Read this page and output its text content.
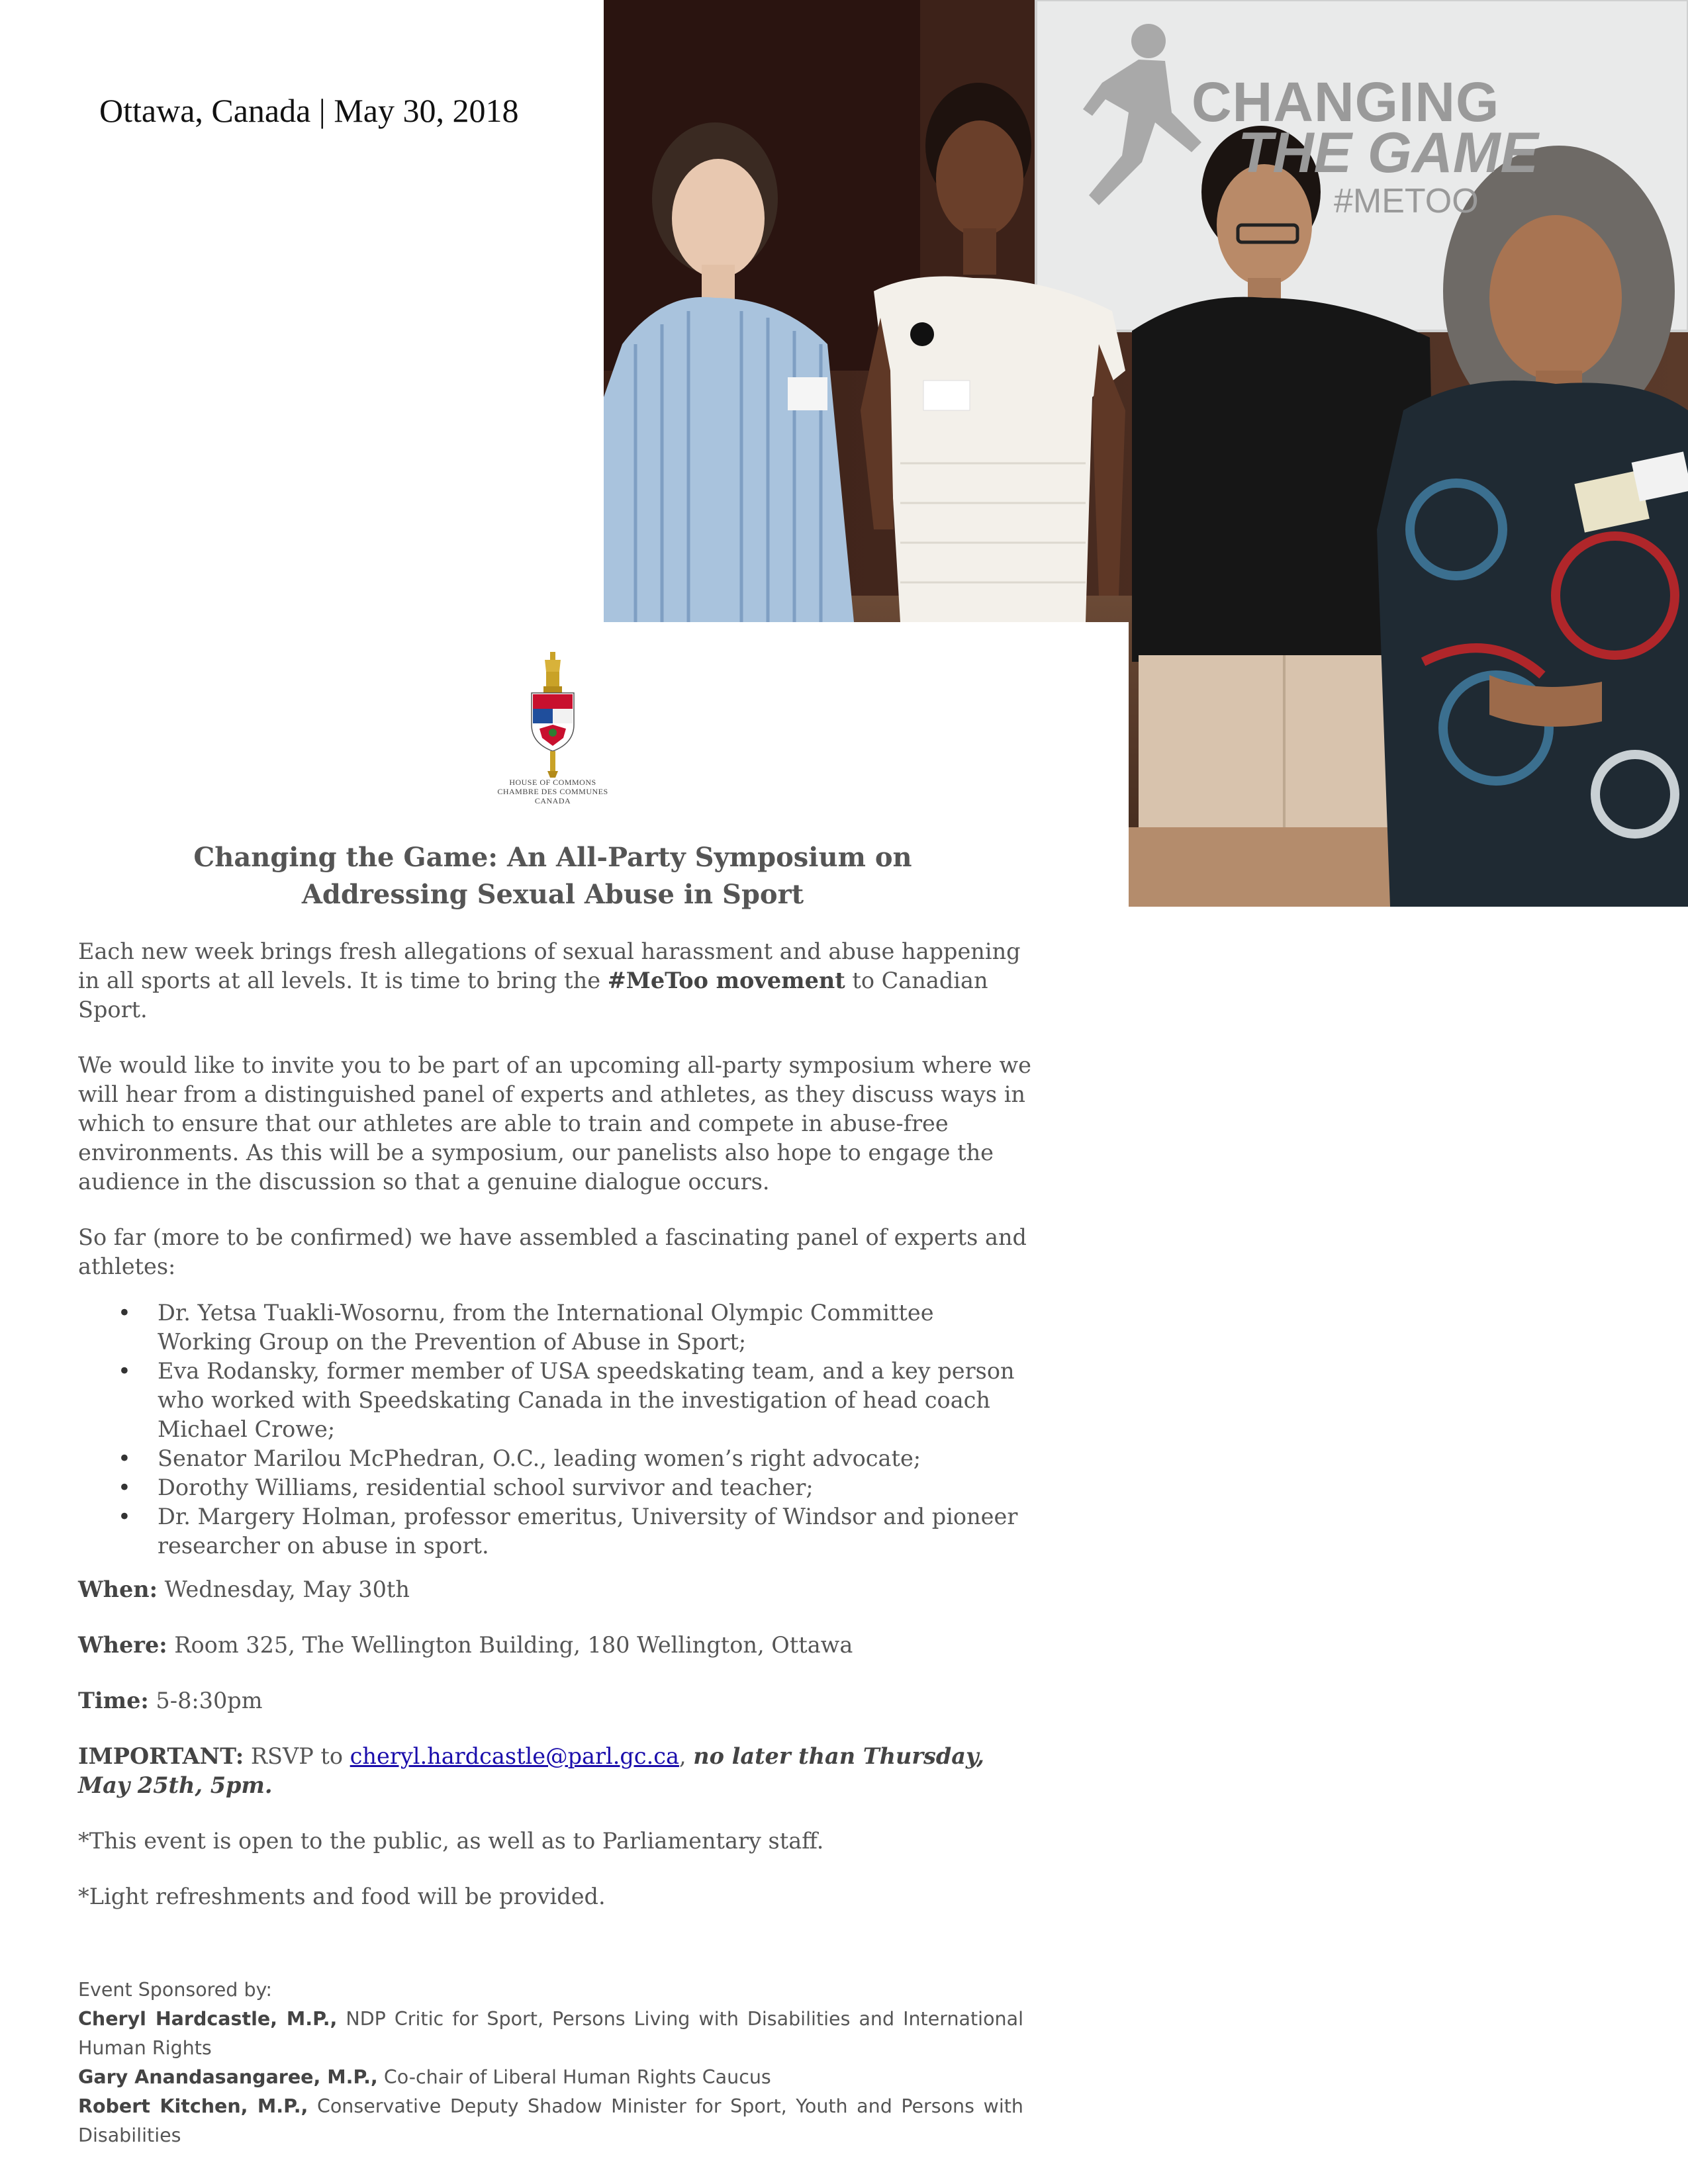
CHANGING
THE GAME
#METOO
Ottawa, Canada | May 30, 2018
HOUSE OF COMMONS
CHAMBRE DES COMMUNES
CANADA
Changing the Game: An All-Party Symposium on
Addressing Sexual Abuse in Sport

Each new week brings fresh allegations of sexual harassment and abuse happening in all sports at all levels. It is time to bring the #MeToo movement to Canadian Sport.

We would like to invite you to be part of an upcoming all-party symposium where we will hear from a distinguished panel of experts and athletes, as they discuss ways in which to ensure that our athletes are able to train and compete in abuse-free environments. As this will be a symposium, our panelists also hope to engage the audience in the discussion so that a genuine dialogue occurs.

So far (more to be confirmed) we have assembled a fascinating panel of experts and athletes:

• Dr. Yetsa Tuakli-Wosornu, from the International Olympic Committee Working Group on the Prevention of Abuse in Sport;
• Eva Rodansky, former member of USA speedskating team, and a key person who worked with Speedskating Canada in the investigation of head coach Michael Crowe;
• Senator Marilou McPhedran, O.C., leading women’s right advocate;
• Dorothy Williams, residential school survivor and teacher;
• Dr. Margery Holman, professor emeritus, University of Windsor and pioneer researcher on abuse in sport.
When: Wednesday, May 30th
Where: Room 325, The Wellington Building, 180 Wellington, Ottawa
Time: 5-8:30pm
IMPORTANT: RSVP to cheryl.hardcastle@parl.gc.ca, no later than Thursday, May 25th, 5pm.

*This event is open to the public, as well as to Parliamentary staff.

*Light refreshments and food will be provided.

Event Sponsored by:
Cheryl Hardcastle, M.P., NDP Critic for Sport, Persons Living with Disabilities and International Human Rights
Gary Anandasangaree, M.P., Co-chair of Liberal Human Rights Caucus
Robert Kitchen, M.P., Conservative Deputy Shadow Minister for Sport, Youth and Persons with Disabilities
